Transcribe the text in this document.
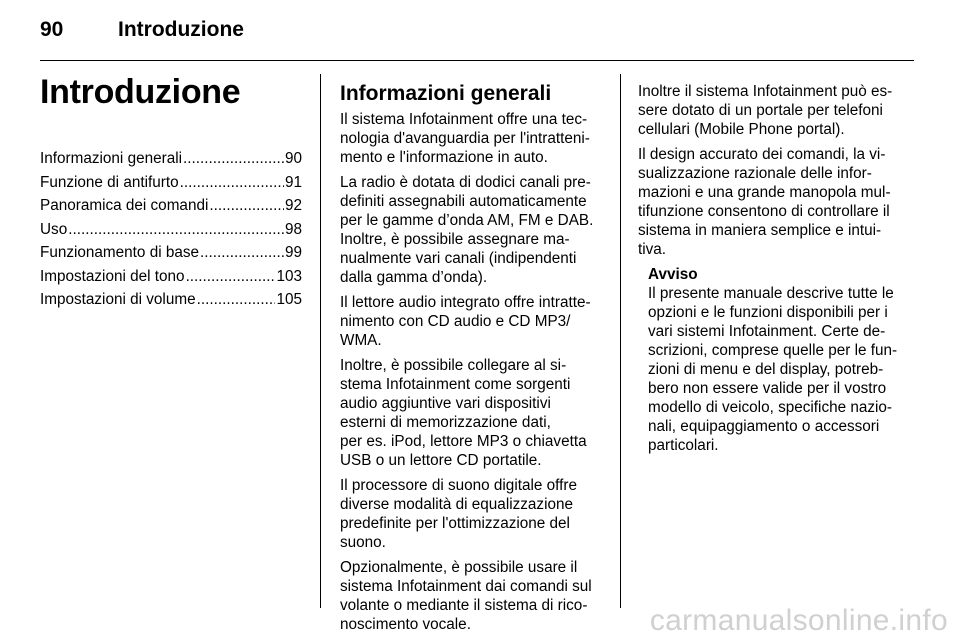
90	Introduzione
Introduzione
Informazioni generali .....	90
Funzione di antifurto .....	91
Panoramica dei comandi .....	92
Uso .....	98
Funzionamento di base .....	99
Impostazioni del tono .....	103
Impostazioni di volume .....	105
Informazioni generali
Il sistema Infotainment offre una tec-
nologia d'avanguardia per l'intratteni-
mento e l'informazione in auto.
La radio è dotata di dodici canali pre-
definiti assegnabili automaticamente
per le gamme d’onda AM, FM e DAB.
Inoltre, è possibile assegnare ma-
nualmente vari canali (indipendenti
dalla gamma d’onda).
Il lettore audio integrato offre intratte-
nimento con CD audio e CD MP3/
WMA.
Inoltre, è possibile collegare al si-
stema Infotainment come sorgenti
audio aggiuntive vari dispositivi
esterni di memorizzazione dati,
per es. iPod, lettore MP3 o chiavetta
USB o un lettore CD portatile.
Il processore di suono digitale offre
diverse modalità di equalizzazione
predefinite per l'ottimizzazione del
suono.
Opzionalmente, è possibile usare il
sistema Infotainment dai comandi sul
volante o mediante il sistema di rico-
noscimento vocale.
Inoltre il sistema Infotainment può es-
sere dotato di un portale per telefoni
cellulari (Mobile Phone portal).
Il design accurato dei comandi, la vi-
sualizzazione razionale delle infor-
mazioni e una grande manopola mul-
tifunzione consentono di controllare il
sistema in maniera semplice e intui-
tiva.
Avviso
Il presente manuale descrive tutte le
opzioni e le funzioni disponibili per i
vari sistemi Infotainment. Certe de-
scrizioni, comprese quelle per le fun-
zioni di menu e del display, potreb-
bero non essere valide per il vostro
modello di veicolo, specifiche nazio-
nali, equipaggiamento o accessori
particolari.
carmanualsonline.info
